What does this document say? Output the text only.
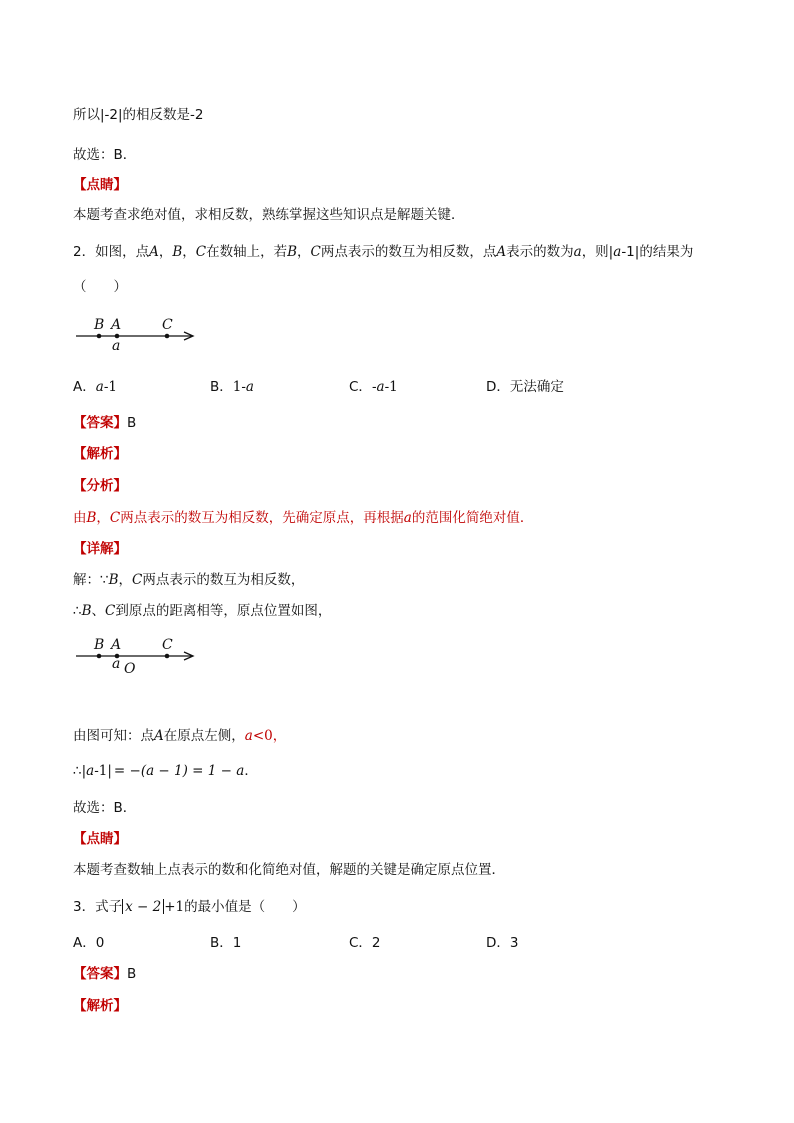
所以|-2|的相反数是-2
故选：B．
【点睛】
本题考查求绝对值，求相反数，熟练掌握这些知识点是解题关键．
2．如图，点A，B，C在数轴上，若B，C两点表示的数互为相反数，点A表示的数为a，则|a-1|的结果为
（　　）
B A	C
a
A．a-1	B．1-a	C．-a-1	D．无法确定
【答案】B
【解析】
【分析】
由B，C两点表示的数互为相反数，先确定原点，再根据a的范围化简绝对值．
【详解】
解：∵B，C两点表示的数互为相反数，
∴B、C到原点的距离相等，原点位置如图，
B A	C
a O
由图可知：点A在原点左侧，a<0，
∴|a-1| = −(a − 1) = 1 − a．
故选：B．
【点睛】
本题考查数轴上点表示的数和化简绝对值，解题的关键是确定原点位置．
3．式子 x − 2 +1的最小值是（　　）
A．0	B．1	C．2	D．3
【答案】B
【解析】
